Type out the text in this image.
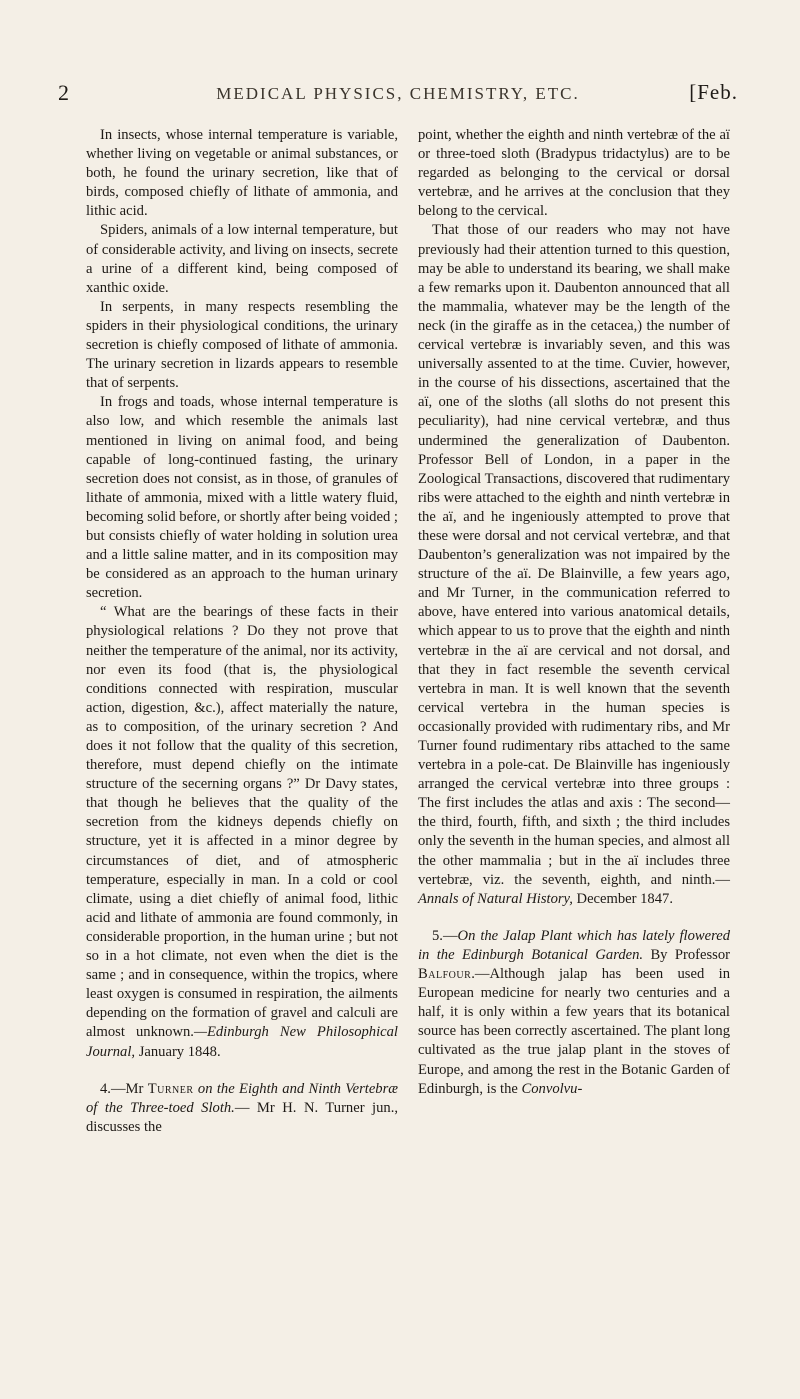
2	MEDICAL PHYSICS, CHEMISTRY, ETC.	[Feb.

In insects, whose internal temperature is variable, whether living on vegetable or animal substances, or both, he found the urinary secretion, like that of birds, composed chiefly of lithate of ammonia, and lithic acid.

Spiders, animals of a low internal temperature, but of considerable activity, and living on insects, secrete a urine of a different kind, being composed of xanthic oxide.

In serpents, in many respects resembling the spiders in their physiological conditions, the urinary secretion is chiefly composed of lithate of ammonia. The urinary secretion in lizards appears to resemble that of serpents.

In frogs and toads, whose internal temperature is also low, and which resemble the animals last mentioned in living on animal food, and being capable of long-continued fasting, the urinary secretion does not consist, as in those, of granules of lithate of ammonia, mixed with a little watery fluid, becoming solid before, or shortly after being voided ; but consists chiefly of water holding in solution urea and a little saline matter, and in its composition may be considered as an approach to the human urinary secretion.

“ What are the bearings of these facts in their physiological relations ? Do they not prove that neither the temperature of the animal, nor its activity, nor even its food (that is, the physiological conditions connected with respiration, muscular action, digestion, &c.), affect materially the nature, as to composition, of the urinary secretion ? And does it not follow that the quality of this secretion, therefore, must depend chiefly on the intimate structure of the secerning organs ?” Dr Davy states, that though he believes that the quality of the secretion from the kidneys depends chiefly on structure, yet it is affected in a minor degree by circumstances of diet, and of atmospheric temperature, especially in man. In a cold or cool climate, using a diet chiefly of animal food, lithic acid and lithate of ammonia are found commonly, in considerable proportion, in the human urine ; but not so in a hot climate, not even when the diet is the same ; and in consequence, within the tropics, where least oxygen is consumed in respiration, the ailments depending on the formation of gravel and calculi are almost unknown.—Edinburgh New Philosophical Journal, January 1848.

4.—Mr Turner on the Eighth and Ninth Vertebræ of the Three-toed Sloth.— Mr H. N. Turner jun., discusses the

point, whether the eighth and ninth vertebræ of the aï or three-toed sloth (Bradypus tridactylus) are to be regarded as belonging to the cervical or dorsal vertebræ, and he arrives at the conclusion that they belong to the cervical.

That those of our readers who may not have previously had their attention turned to this question, may be able to understand its bearing, we shall make a few remarks upon it. Daubenton announced that all the mammalia, whatever may be the length of the neck (in the giraffe as in the cetacea,) the number of cervical vertebræ is invariably seven, and this was universally assented to at the time. Cuvier, however, in the course of his dissections, ascertained that the aï, one of the sloths (all sloths do not present this peculiarity), had nine cervical vertebræ, and thus undermined the generalization of Daubenton. Professor Bell of London, in a paper in the Zoological Transactions, discovered that rudimentary ribs were attached to the eighth and ninth vertebræ in the aï, and he ingeniously attempted to prove that these were dorsal and not cervical vertebræ, and that Daubenton’s generalization was not impaired by the structure of the aï. De Blainville, a few years ago, and Mr Turner, in the communication referred to above, have entered into various anatomical details, which appear to us to prove that the eighth and ninth vertebræ in the aï are cervical and not dorsal, and that they in fact resemble the seventh cervical vertebra in man. It is well known that the seventh cervical vertebra in the human species is occasionally provided with rudimentary ribs, and Mr Turner found rudimentary ribs attached to the same vertebra in a pole-cat. De Blainville has ingeniously arranged the cervical vertebræ into three groups : The first includes the atlas and axis : The second—the third, fourth, fifth, and sixth ; the third includes only the seventh in the human species, and almost all the other mammalia ; but in the aï includes three vertebræ, viz. the seventh, eighth, and ninth.—Annals of Natural History, December 1847.

5.—On the Jalap Plant which has lately flowered in the Edinburgh Botanical Garden. By Professor Balfour.—Although jalap has been used in European medicine for nearly two centuries and a half, it is only within a few years that its botanical source has been correctly ascertained. The plant long cultivated as the true jalap plant in the stoves of Europe, and among the rest in the Botanic Garden of Edinburgh, is the Convolvu-
